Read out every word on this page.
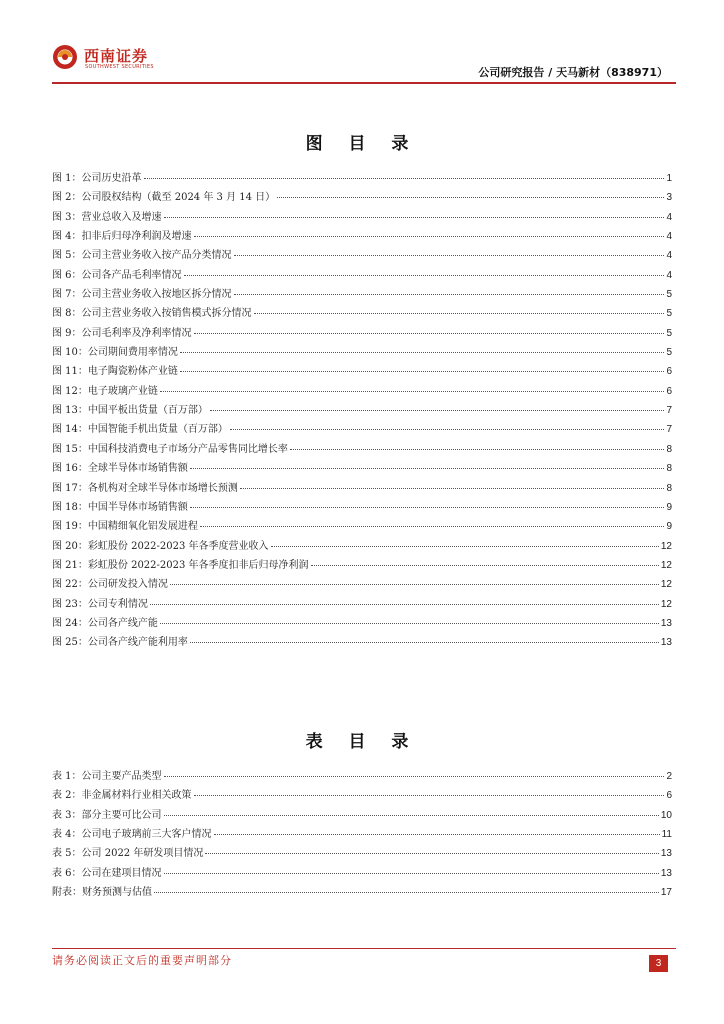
西南证券
SOUTHWEST SECURITIES	公司研究报告 / 天马新材（838971）
图 目 录
图 1：公司历史沿革	1
图 2：公司股权结构（截至 2024 年 3 月 14 日）	3
图 3：营业总收入及增速	4
图 4：扣非后归母净利润及增速	4
图 5：公司主营业务收入按产品分类情况	4
图 6：公司各产品毛利率情况	4
图 7：公司主营业务收入按地区拆分情况	5
图 8：公司主营业务收入按销售模式拆分情况	5
图 9：公司毛利率及净利率情况	5
图 10：公司期间费用率情况	5
图 11：电子陶瓷粉体产业链	6
图 12：电子玻璃产业链	6
图 13：中国平板出货量（百万部）	7
图 14：中国智能手机出货量（百万部）	7
图 15：中国科技消费电子市场分产品零售同比增长率	8
图 16：全球半导体市场销售额	8
图 17：各机构对全球半导体市场增长预测	8
图 18：中国半导体市场销售额	9
图 19：中国精细氧化铝发展进程	9
图 20：彩虹股份 2022-2023 年各季度营业收入	12
图 21：彩虹股份 2022-2023 年各季度扣非后归母净利润	12
图 22：公司研发投入情况	12
图 23：公司专利情况	12
图 24：公司各产线产能	13
图 25：公司各产线产能利用率	13
表 目 录
表 1：公司主要产品类型	2
表 2：非金属材料行业相关政策	6
表 3：部分主要可比公司	10
表 4：公司电子玻璃前三大客户情况	11
表 5：公司 2022 年研发项目情况	13
表 6：公司在建项目情况	13
附表：财务预测与估值	17
请务必阅读正文后的重要声明部分	3
